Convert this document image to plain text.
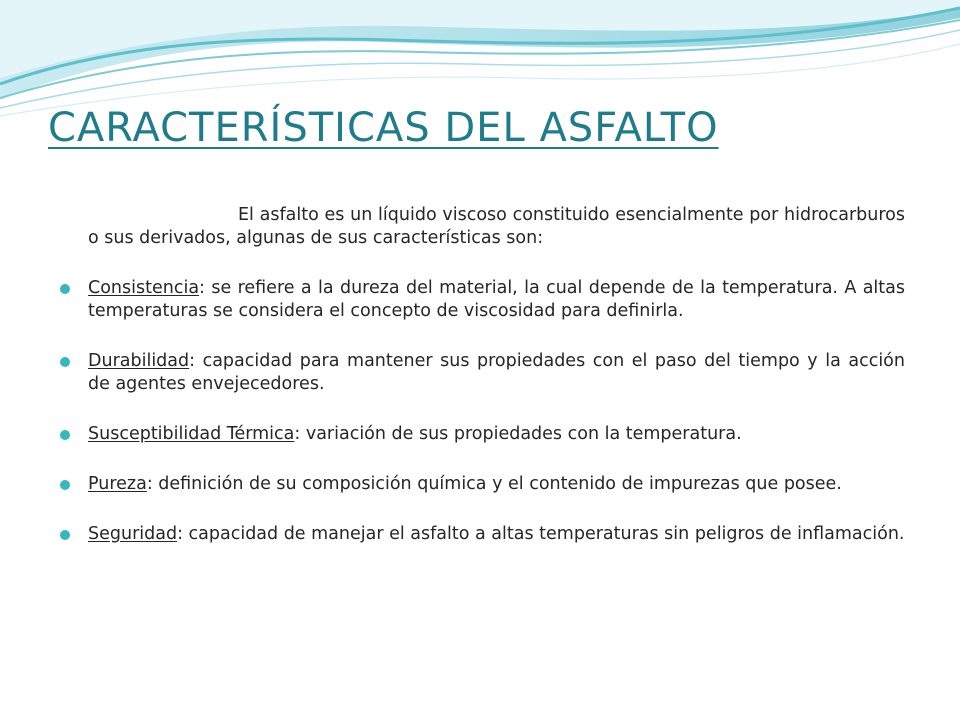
CARACTERÍSTICAS DEL ASFALTO

El asfalto es un líquido viscoso constituido esencialmente por hidrocarburos o sus derivados, algunas de sus características son:

Consistencia: se refiere a la dureza del material, la cual depende de la temperatura. A altas temperaturas se considera el concepto de viscosidad para definirla.
Durabilidad: capacidad para mantener sus propiedades con el paso del tiempo y la acción de agentes envejecedores.
Susceptibilidad Térmica: variación de sus propiedades con la temperatura.
Pureza: definición de su composición química y el contenido de impurezas que posee.
Seguridad: capacidad de manejar el asfalto a altas temperaturas sin peligros de inflamación.
